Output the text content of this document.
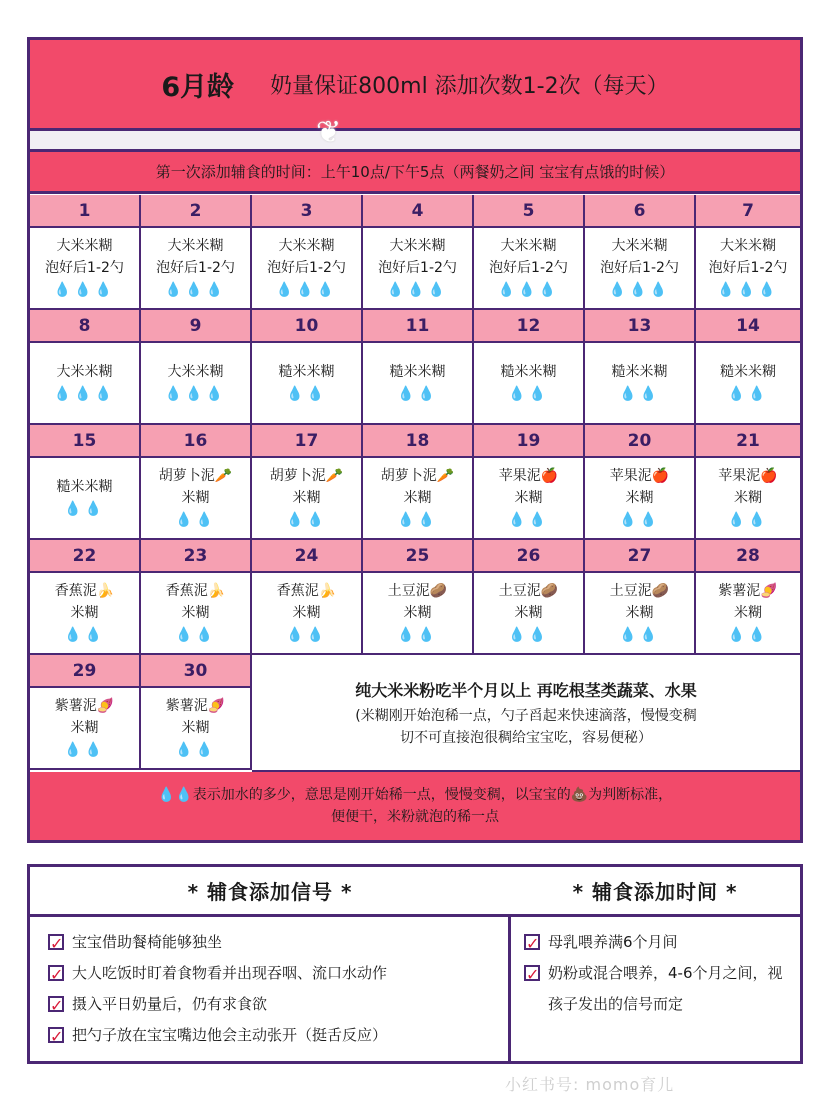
6月龄 奶量保证800ml 添加次数1-2次（每天）
❦
第一次添加辅食的时间：上午10点/下午5点（两餐奶之间 宝宝有点饿的时候）
1
大米米糊
泡好后1-2勺
💧💧💧
2
大米米糊
泡好后1-2勺
💧💧💧
3
大米米糊
泡好后1-2勺
💧💧💧
4
大米米糊
泡好后1-2勺
💧💧💧
5
大米米糊
泡好后1-2勺
💧💧💧
6
大米米糊
泡好后1-2勺
💧💧💧
7
大米米糊
泡好后1-2勺
💧💧💧
8
大米米糊
💧💧💧
9
大米米糊
💧💧💧
10
糙米米糊
💧💧
11
糙米米糊
💧💧
12
糙米米糊
💧💧
13
糙米米糊
💧💧
14
糙米米糊
💧💧
15
糙米米糊
💧💧
16
胡萝卜泥🥕
米糊
💧💧
17
胡萝卜泥🥕
米糊
💧💧
18
胡萝卜泥🥕
米糊
💧💧
19
苹果泥🍎
米糊
💧💧
20
苹果泥🍎
米糊
💧💧
21
苹果泥🍎
米糊
💧💧
22
香蕉泥🍌
米糊
💧💧
23
香蕉泥🍌
米糊
💧💧
24
香蕉泥🍌
米糊
💧💧
25
土豆泥🥔
米糊
💧💧
26
土豆泥🥔
米糊
💧💧
27
土豆泥🥔
米糊
💧💧
28
紫薯泥🍠
米糊
💧💧
29
紫薯泥🍠
米糊
💧💧
30
紫薯泥🍠
米糊
💧💧
纯大米米粉吃半个月以上 再吃根茎类蔬菜、水果
(米糊刚开始泡稀一点，勺子舀起来快速滴落，慢慢变稠
切不可直接泡很稠给宝宝吃，容易便秘）
💧💧表示加水的多少，意思是刚开始稀一点，慢慢变稠，以宝宝的💩为判断标准，
便便干，米粉就泡的稀一点
* 辅食添加信号 *	* 辅食添加时间 *
✓
宝宝借助餐椅能够独坐
✓
大人吃饭时盯着食物看并出现吞咽、流口水动作
✓
摄入平日奶量后，仍有求食欲
✓
把勺子放在宝宝嘴边他会主动张开（挺舌反应）
✓
母乳喂养满6个月间
✓
奶粉或混合喂养，4-6个月之间，视孩子发出的信号而定
小红书号: momo育儿
